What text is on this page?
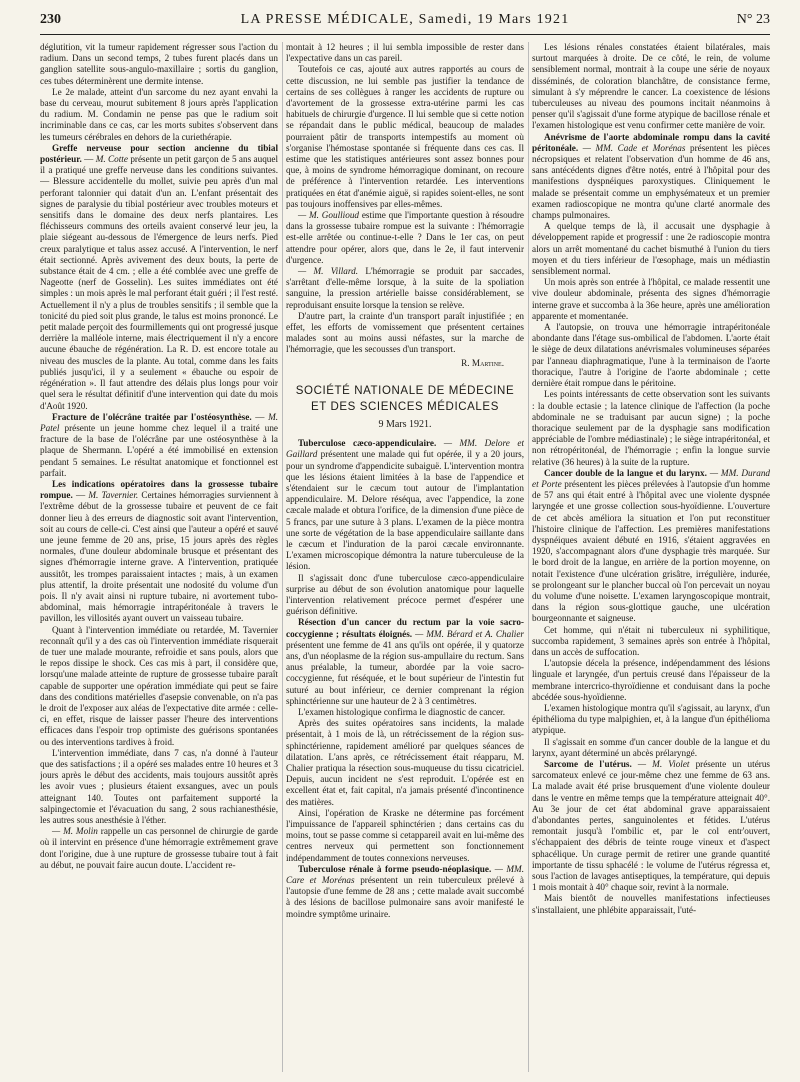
230	LA PRESSE MÉDICALE, Samedi, 19 Mars 1921	N° 23

déglutition, vit la tumeur rapidement régresser sous l'action du radium. Dans un second temps, 2 tubes furent placés dans un ganglion satellite sous-angulo-maxillaire ; sortis du ganglion, ces tubes déterminèrent une dermite intense.

Le 2e malade, atteint d'un sarcome du nez ayant envahi la base du cerveau, mourut subitement 8 jours après l'application du radium. M. Condamin ne pense pas que le radium soit incriminable dans ce cas, car les morts subites s'observent dans les tumeurs cérébrales en dehors de la curiethérapie.

Greffe nerveuse pour section ancienne du tibial postérieur. — M. Cotte présente un petit garçon de 5 ans auquel il a pratiqué une greffe nerveuse dans les conditions suivantes. — Blessure accidentelle du mollet, suivie peu après d'un mal perforant talonnier qui datait d'un an. L'enfant présentait des signes de paralysie du tibial postérieur avec troubles moteurs et sensitifs dans le domaine des deux nerfs plantaires. Les fléchisseurs communs des orteils avaient conservé leur jeu, la plaie siégeant au-dessous de l'émergence de leurs nerfs. Pied creux paralytique et talus assez accusé. A l'intervention, le nerf était sectionné. Après avivement des deux bouts, la perte de substance était de 4 cm. ; elle a été comblée avec une greffe de Nageotte (nerf de Gosselin). Les suites immédiates ont été simples : un mois après le mal perforant était guéri ; il l'est resté. Actuellement il n'y a plus de troubles sensitifs ; il semble que la tonicité du pied soit plus grande, le talus est moins prononcé. Le petit malade perçoit des fourmillements qui ont progressé jusque derrière la malléole interne, mais électriquement il n'y a encore aucune ébauche de régénération. La R. D. est encore totale au niveau des muscles de la plante. Au total, comme dans les faits publiés jusqu'ici, il y a seulement « ébauche ou espoir de régénération ». Il faut attendre des délais plus longs pour voir quel sera le résultat définitif d'une intervention qui date du mois d'Août 1920.

Fracture de l'olécrâne traitée par l'ostéosynthèse. — M. Patel présente un jeune homme chez lequel il a traité une fracture de la base de l'olécrâne par une ostéosynthèse à la plaque de Shermann. L'opéré a été immobilisé en extension pendant 5 semaines. Le résultat anatomique et fonctionnel est parfait.

Les indications opératoires dans la grossesse tubaire rompue. — M. Tavernier. Certaines hémorragies surviennent à l'extrême début de la grossesse tubaire et peuvent de ce fait donner lieu à des erreurs de diagnostic soit avant l'intervention, soit au cours de celle-ci. C'est ainsi que l'auteur a opéré et sauvé une jeune femme de 20 ans, prise, 15 jours après des règles normales, d'une douleur abdominale brusque et présentant des signes d'hémorragie interne grave. A l'intervention, pratiquée aussitôt, les trompes paraissaient intactes ; mais, à un examen plus attentif, la droite présentait une nodosité du volume d'un pois. Il n'y avait ainsi ni rupture tubaire, ni avortement tubo-abdominal, mais hémorragie intrapéritonéale à travers le pavillon, les villosités ayant ouvert un vaisseau tubaire.

Quant à l'intervention immédiate ou retardée, M. Tavernier reconnaît qu'il y a des cas où l'intervention immédiate risquerait de tuer une malade mourante, refroidie et sans pouls, alors que le repos dissipe le shock. Ces cas mis à part, il considère que, lorsqu'une malade atteinte de rupture de grossesse tubaire paraît capable de supporter une opération immédiate qui peut se faire dans des conditions matérielles d'asepsie convenable, on n'a pas le droit de l'exposer aux aléas de l'expectative dite armée : celle-ci, en effet, risque de laisser passer l'heure des interventions efficaces dans l'espoir trop optimiste des guérisons spontanées ou des interventions tardives à froid.

L'intervention immédiate, dans 7 cas, n'a donné à l'auteur que des satisfactions ; il a opéré ses malades entre 10 heures et 3 jours après le début des accidents, mais toujours aussitôt après les avoir vues ; plusieurs étaient exsangues, avec un pouls atteignant 140. Toutes ont parfaitement supporté la salpingectomie et l'évacuation du sang, 2 sous rachianesthésie, les autres sous anesthésie à l'éther.

— M. Molin rappelle un cas personnel de chirurgie de garde où il intervint en présence d'une hémorragie extrêmement grave dont l'origine, due à une rupture de grossesse tubaire tout à fait au début, ne pouvait faire aucun doute. L'accident re-

montait à 12 heures ; il lui sembla impossible de rester dans l'expectative dans un cas pareil.

Toutefois ce cas, ajouté aux autres rapportés au cours de cette discussion, ne lui semble pas justifier la tendance de certains de ses collègues à ranger les accidents de rupture ou d'avortement de la grossesse extra-utérine parmi les cas habituels de chirurgie d'urgence. Il lui semble que si cette notion se répandait dans le public médical, beaucoup de malades pourraient pâtir de transports intempestifs au moment où s'organise l'hémostase spontanée si fréquente dans ces cas. Il estime que les statistiques antérieures sont assez bonnes pour que, à moins de syndrome hémorragique dominant, on recoure de préférence à l'intervention retardée. Les interventions pratiquées en état d'anémie aiguë, si rapides soient-elles, ne sont pas toujours inoffensives par elles-mêmes.

— M. Goullioud estime que l'importante question à résoudre dans la grossesse tubaire rompue est la suivante : l'hémorragie est-elle arrêtée ou continue-t-elle ? Dans le 1er cas, on peut attendre pour opérer, alors que, dans le 2e, il faut intervenir d'urgence.

— M. Villard. L'hémorragie se produit par saccades, s'arrêtant d'elle-même lorsque, à la suite de la spoliation sanguine, la pression artérielle baisse considérablement, se reproduisant ensuite lorsque la tension se relève.

D'autre part, la crainte d'un transport paraît injustifiée ; en effet, les efforts de vomissement que présentent certaines malades sont au moins aussi néfastes, sur la marche de l'hémorragie, que les secousses d'un transport.

R. Martine.
SOCIÉTÉ NATIONALE DE MÉDECINE
ET DES SCIENCES MÉDICALES
9 Mars 1921.

Tuberculose cæco-appendiculaire. — MM. Delore et Gaillard présentent une malade qui fut opérée, il y a 20 jours, pour un syndrome d'appendicite subaiguë. L'intervention montra que les lésions étaient limitées à la base de l'appendice et s'étendaient sur le cæcum tout autour de l'implantation appendiculaire. M. Delore réséqua, avec l'appendice, la zone cæcale malade et obtura l'orifice, de la dimension d'une pièce de 5 francs, par une suture à 3 plans. L'examen de la pièce montra une sorte de végétation de la base appendiculaire saillante dans le cæcum et l'induration de la paroi cæcale environnante. L'examen microscopique démontra la nature tuberculeuse de la lésion.

Il s'agissait donc d'une tuberculose cæco-appendiculaire surprise au début de son évolution anatomique pour laquelle l'intervention relativement précoce permet d'espérer une guérison définitive.

Résection d'un cancer du rectum par la voie sacro-coccygienne ; résultats éloignés. — MM. Bérard et A. Chalier présentent une femme de 41 ans qu'ils ont opérée, il y quatorze ans, d'un néoplasme de la région sus-ampullaire du rectum. Sans anus préalable, la tumeur, abordée par la voie sacro-coccygienne, fut réséquée, et le bout supérieur de l'intestin fut suturé au bout inférieur, ce dernier comprenant la région sphinctérienne sur une hauteur de 2 à 3 centimètres.

L'examen histologique confirma le diagnostic de cancer.

Après des suites opératoires sans incidents, la malade présentait, à 1 mois de là, un rétrécissement de la région sus-sphinctérienne, rapidement amélioré par quelques séances de dilatation. L'ans après, ce rétrécissement était réapparu, M. Chalier pratiqua la résection sous-muqueuse du tissu cicatriciel. Depuis, aucun incident ne s'est reproduit. L'opérée est en excellent état et, fait capital, n'a jamais présenté d'incontinence des matières.

Ainsi, l'opération de Kraske ne détermine pas forcément l'impuissance de l'appareil sphinctérien ; dans certains cas du moins, tout se passe comme si cetappareil avait en lui-même des centres nerveux qui permettent son fonctionnement indépendamment de toutes connexions nerveuses.

Tuberculose rénale à forme pseudo-néoplasique. — MM. Care et Morénas présentent un rein tuberculeux prélevé à l'autopsie d'une femme de 28 ans ; cette malade avait succombé à des lésions de bacillose pulmonaire sans avoir manifesté le moindre symptôme urinaire.

Les lésions rénales constatées étaient bilatérales, mais surtout marquées à droite. De ce côté, le rein, de volume sensiblement normal, montrait à la coupe une série de noyaux disséminés, de coloration blanchâtre, de consistance ferme, simulant à s'y méprendre le cancer. La coexistence de lésions tuberculeuses au niveau des poumons incitait néanmoins à penser qu'il s'agissait d'une forme atypique de bacillose rénale et l'examen histologique est venu confirmer cette manière de voir.

Anévrisme de l'aorte abdominale rompu dans la cavité péritonéale. — MM. Cade et Morénas présentent les pièces nécropsiques et relatent l'observation d'un homme de 46 ans, sans antécédents dignes d'être notés, entré à l'hôpital pour des manifestions dyspnéiques paroxystiques. Cliniquement le malade se présentait comme un emphysémateux et un premier examen radioscopique ne montra qu'une clarté anormale des champs pulmonaires.

A quelque temps de là, il accusait une dysphagie à développement rapide et progressif : une 2e radioscopie montra alors un arrêt momentané du cachet bismuthé à l'union du tiers moyen et du tiers inférieur de l'œsophage, mais un médiastin sensiblement normal.

Un mois après son entrée à l'hôpital, ce malade ressentit une vive douleur abdominale, présenta des signes d'hémorragie interne grave et succomba à la 36e heure, après une amélioration apparente et momentanée.

A l'autopsie, on trouva une hémorragie intrapéritonéale abondante dans l'étage sus-ombilical de l'abdomen. L'aorte était le siège de deux dilatations anévrismales volumineuses séparées par l'anneau diaphragmatique, l'une à la terminaison de l'aorte thoracique, l'autre à l'origine de l'aorte abdominale ; cette dernière était rompue dans le péritoine.

Les points intéressants de cette observation sont les suivants : la double ectasie ; la latence clinique de l'affection (la poche abdominale ne se traduisant par aucun signe) ; la poche thoracique seulement par de la dysphagie sans modification appréciable de l'ombre médiastinale) ; le siège intrapéritonéal, et non rétropéritonéal, de l'hémorragie ; enfin la longue survie relative (36 heures) à la suite de la rupture.

Cancer double de la langue et du larynx. — MM. Durand et Porte présentent les pièces prélevées à l'autopsie d'un homme de 57 ans qui était entré à l'hôpital avec une violente dyspnée laryngée et une grosse collection sous-hyoïdienne. L'ouverture de cet abcès améliora la situation et l'on put reconstituer l'histoire clinique de l'affection. Les premières manifestations dyspnéiques avaient débuté en 1916, s'étaient aggravées en 1920, s'accompagnant alors d'une dysphagie très marquée. Sur le bord droit de la langue, en arrière de la portion moyenne, on notait l'existence d'une ulcération grisâtre, irrégulière, indurée, se prolongeant sur le plancher buccal où l'on percevait un noyau du volume d'une noisette. L'examen laryngoscopique montrait, dans la région sous-glottique gauche, une ulcération bourgeonnante et saigneuse.

Cet homme, qui n'était ni tuberculeux ni syphilitique, succomba rapidement, 3 semaines après son entrée à l'hôpital, dans un accès de suffocation.

L'autopsie décela la présence, indépendamment des lésions linguale et laryngée, d'un pertuis creusé dans l'épaisseur de la membrane intercrico-thyroïdienne et conduisant dans la poche abcédée sous-hyoïdienne.

L'examen histologique montra qu'il s'agissait, au larynx, d'un épithélioma du type malpighien, et, à la langue d'un épithélioma atypique.

Il s'agissait en somme d'un cancer double de la langue et du larynx, ayant déterminé un abcès prélaryngé.

Sarcome de l'utérus. — M. Violet présente un utérus sarcomateux enlevé ce jour-même chez une femme de 63 ans. La malade avait été prise brusquement d'une violente douleur dans le ventre en même temps que la température atteignait 40°. Au 3e jour de cet état abdominal grave apparaissaient d'abondantes pertes, sanguinolentes et fétides. L'utérus remontait jusqu'à l'ombilic et, par le col entr'ouvert, s'échappaient des débris de teinte rouge vineux et d'aspect sphacélique. Un curage permit de retirer une grande quantité importante de tissu sphacélé : le volume de l'utérus régressa et, sous l'action de lavages antiseptiques, la température, qui depuis 1 mois montait à 40° chaque soir, revint à la normale.

Mais bientôt de nouvelles manifestations infectieuses s'installaient, une phlébite apparaissait, l'uté-
